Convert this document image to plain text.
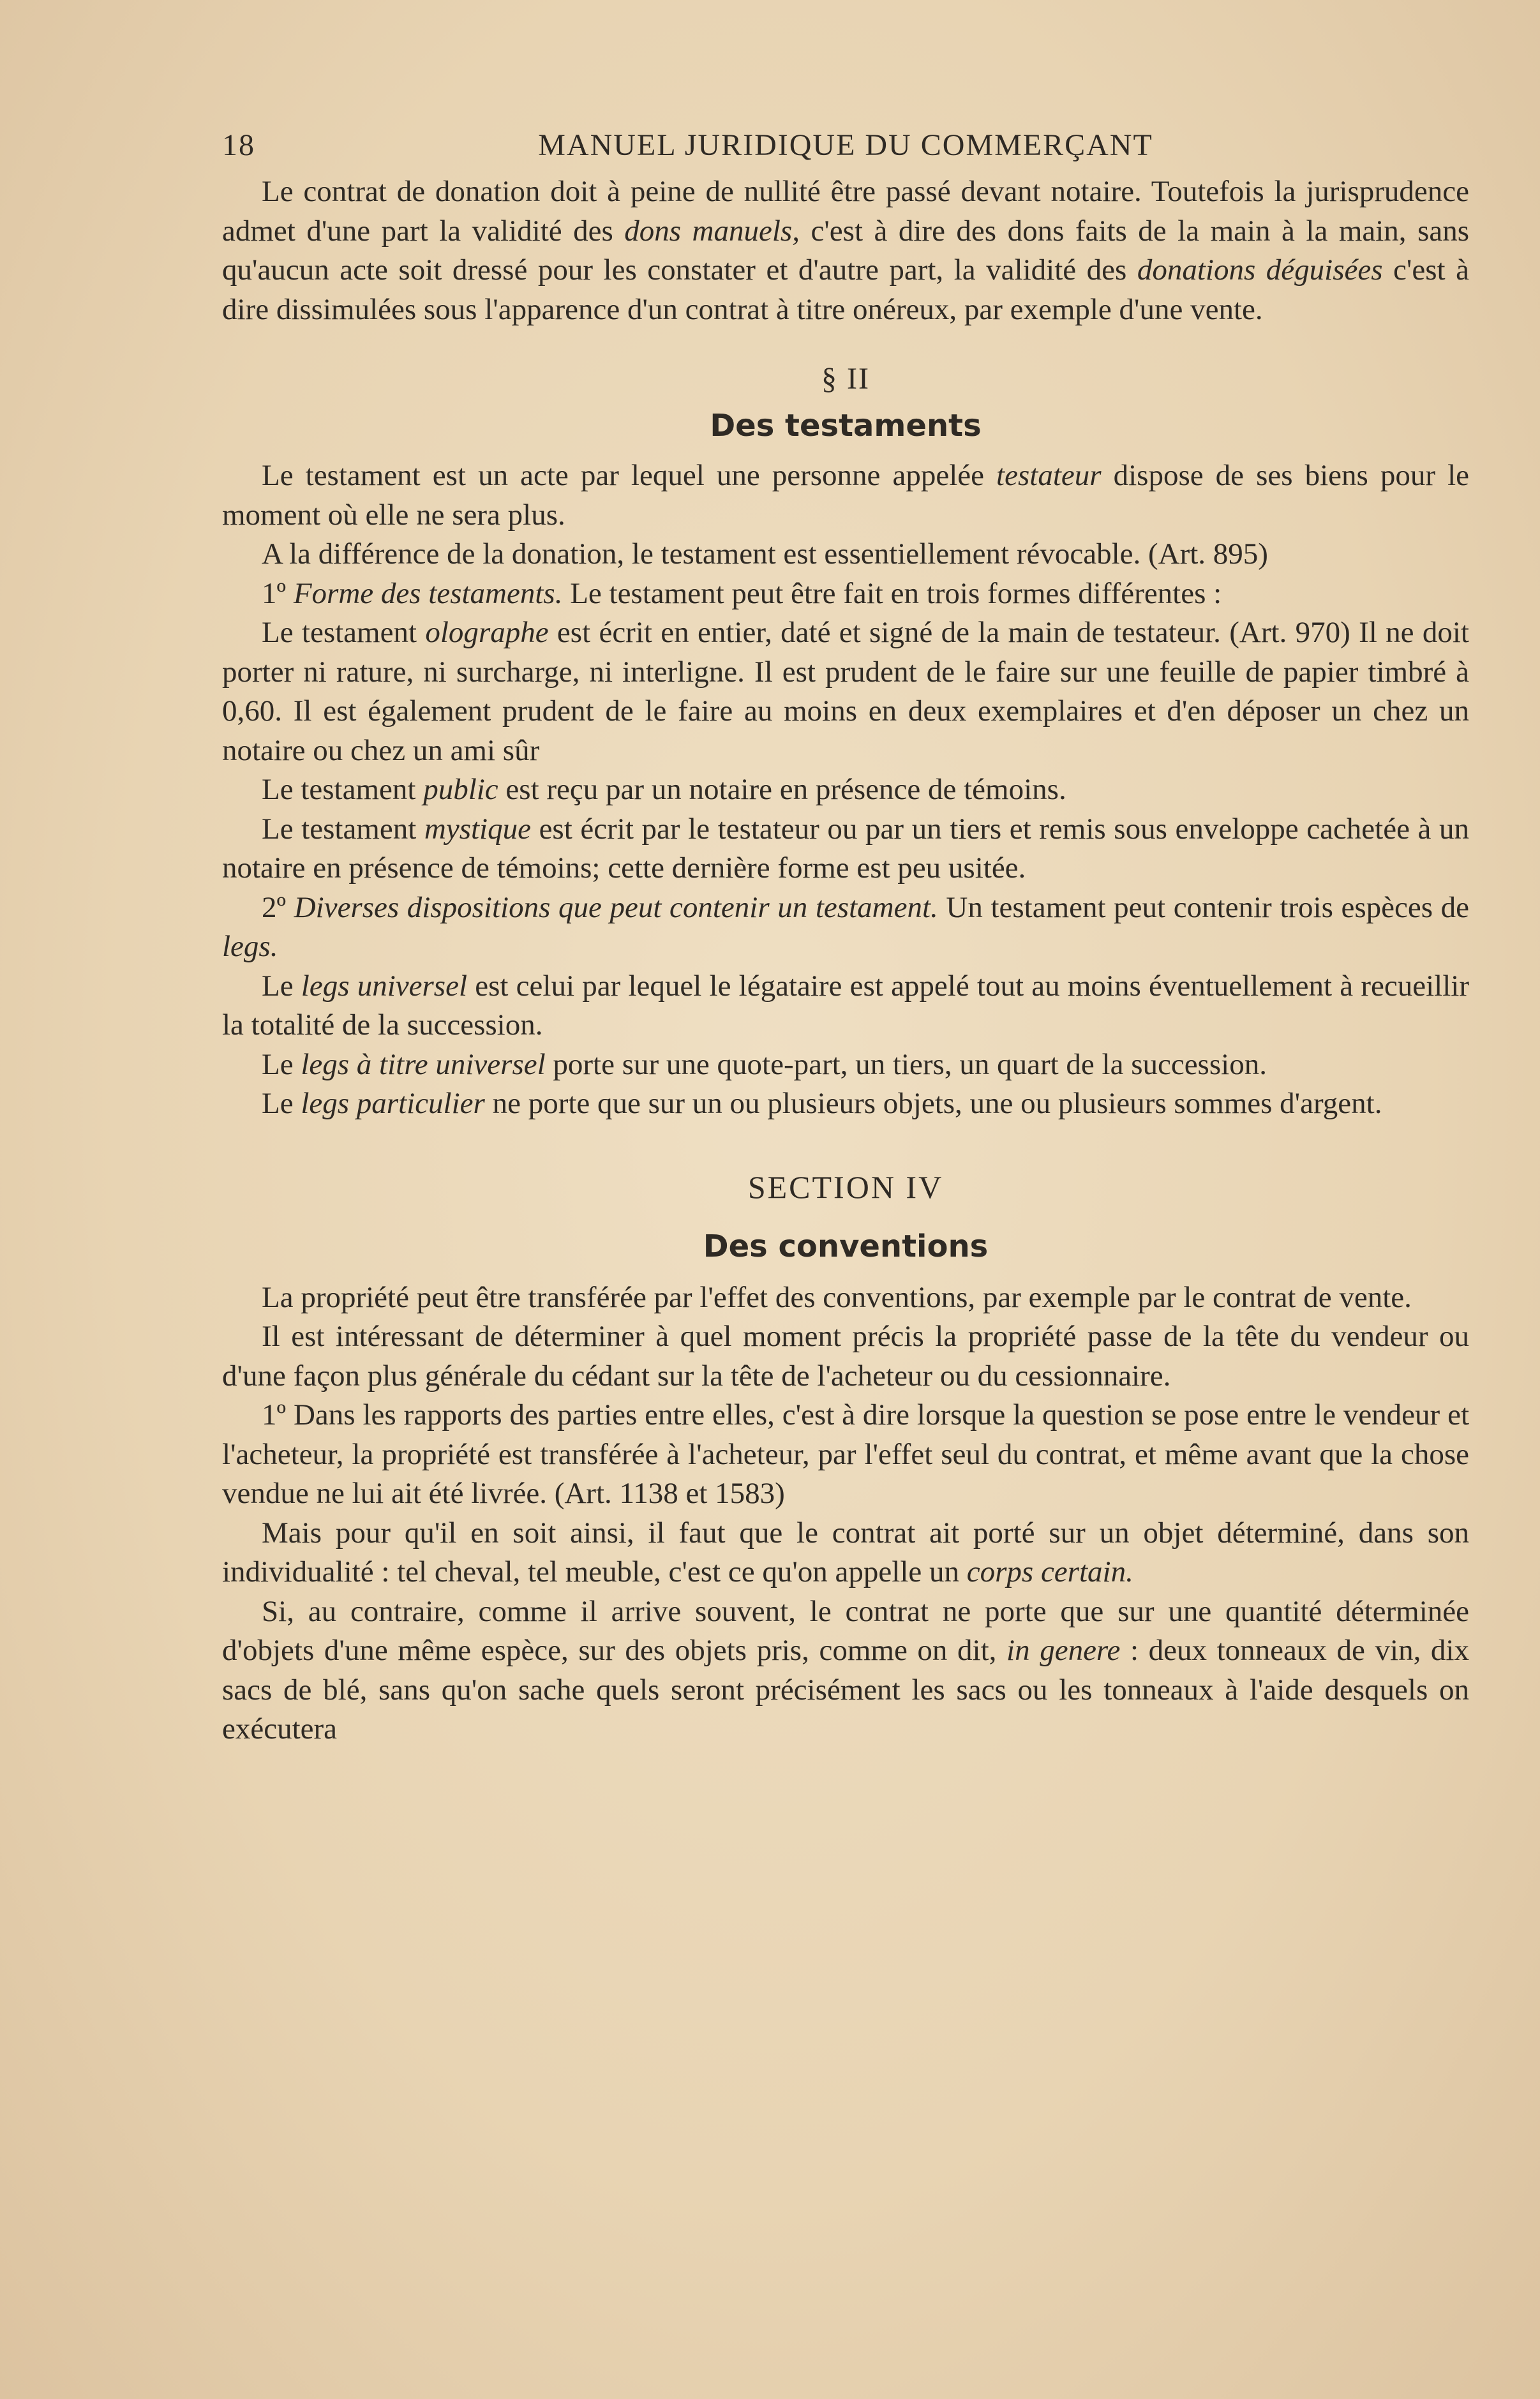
18	MANUEL JURIDIQUE DU COMMERÇANT

Le contrat de donation doit à peine de nullité être passé devant notaire. Toutefois la jurisprudence admet d'une part la validité des dons manuels, c'est à dire des dons faits de la main à la main, sans qu'aucun acte soit dressé pour les constater et d'autre part, la validité des donations déguisées c'est à dire dissimulées sous l'apparence d'un contrat à titre onéreux, par exemple d'une vente.

§ II
Des testaments

Le testament est un acte par lequel une personne appelée testateur dispose de ses biens pour le moment où elle ne sera plus.

A la différence de la donation, le testament est essentiellement révocable. (Art. 895)

1º Forme des testaments. Le testament peut être fait en trois formes différentes :

Le testament olographe est écrit en entier, daté et signé de la main de testateur. (Art. 970) Il ne doit porter ni rature, ni surcharge, ni interligne. Il est prudent de le faire sur une feuille de papier timbré à 0,60. Il est également prudent de le faire au moins en deux exemplaires et d'en déposer un chez un notaire ou chez un ami sûr

Le testament public est reçu par un notaire en présence de témoins.

Le testament mystique est écrit par le testateur ou par un tiers et remis sous enveloppe cachetée à un notaire en présence de témoins; cette dernière forme est peu usitée.

2º Diverses dispositions que peut contenir un testament. Un testament peut contenir trois espèces de legs.

Le legs universel est celui par lequel le légataire est appelé tout au moins éventuellement à recueillir la totalité de la succession.

Le legs à titre universel porte sur une quote-part, un tiers, un quart de la succession.

Le legs particulier ne porte que sur un ou plusieurs objets, une ou plusieurs sommes d'argent.

SECTION IV
Des conventions

La propriété peut être transférée par l'effet des conventions, par exemple par le contrat de vente.

Il est intéressant de déterminer à quel moment précis la propriété passe de la tête du vendeur ou d'une façon plus générale du cédant sur la tête de l'acheteur ou du cessionnaire.

1º Dans les rapports des parties entre elles, c'est à dire lorsque la question se pose entre le vendeur et l'acheteur, la propriété est transférée à l'acheteur, par l'effet seul du contrat, et même avant que la chose vendue ne lui ait été livrée. (Art. 1138 et 1583)

Mais pour qu'il en soit ainsi, il faut que le contrat ait porté sur un objet déterminé, dans son individualité : tel cheval, tel meuble, c'est ce qu'on appelle un corps certain.

Si, au contraire, comme il arrive souvent, le contrat ne porte que sur une quantité déterminée d'objets d'une même espèce, sur des objets pris, comme on dit, in genere : deux tonneaux de vin, dix sacs de blé, sans qu'on sache quels seront précisément les sacs ou les tonneaux à l'aide desquels on exécutera
